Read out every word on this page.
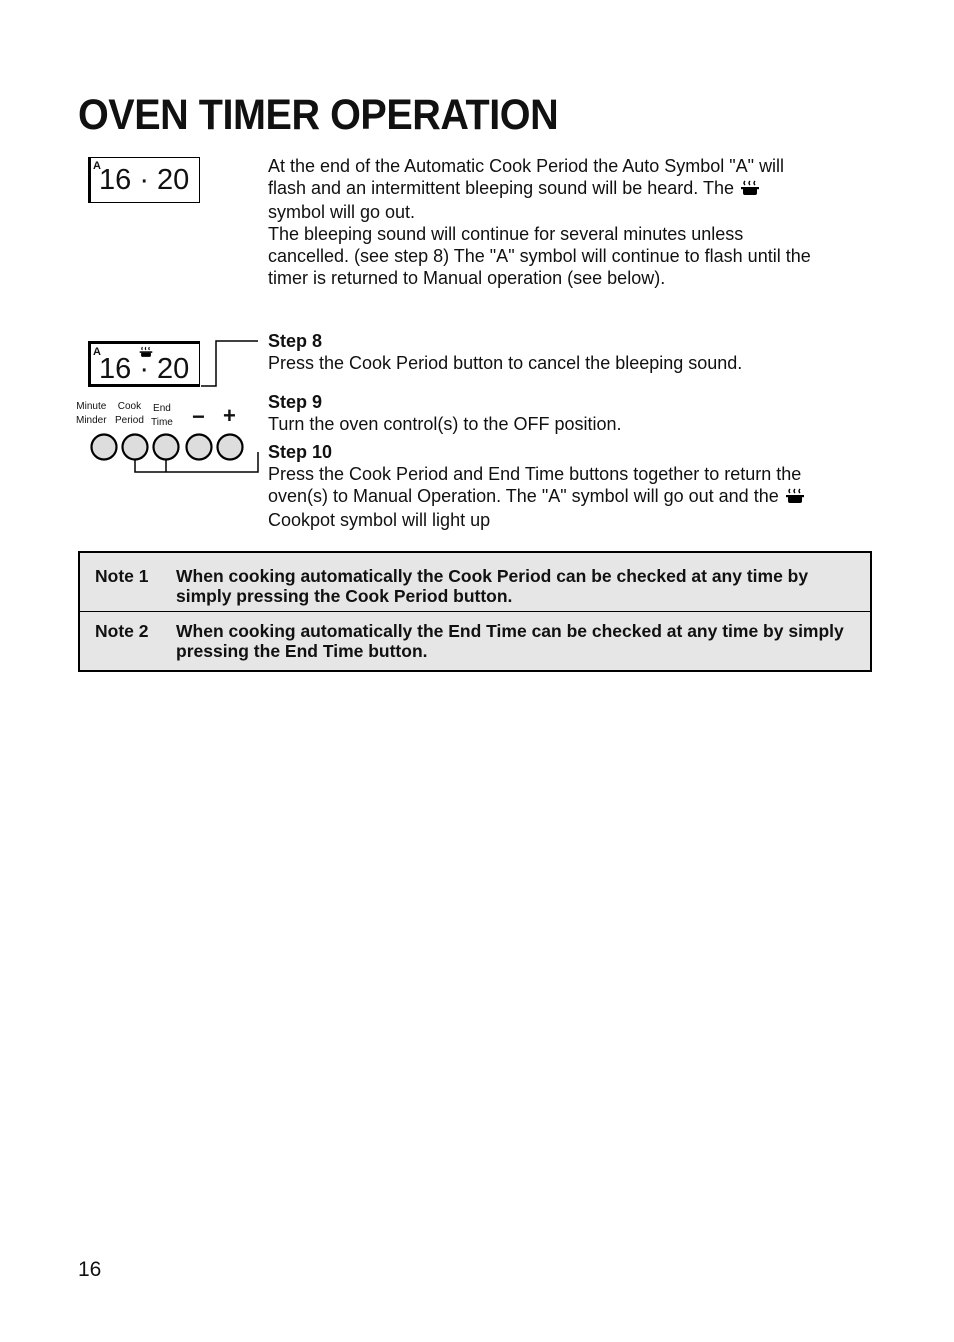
OVEN TIMER OPERATION
A
16 · 20	At the end of the Automatic Cook Period the Auto Symbol "A" will
flash and an intermittent bleeping sound will be heard. The
symbol will go out.
The bleeping sound will continue for several minutes unless
cancelled. (see step 8) The "A" symbol will continue to flash until the
timer is returned to Manual operation (see below).
A
16 · 20
Minute
Minder
Cook
Period
End
Time − +
Step 8
Press the Cook Period button to cancel the bleeping sound.
Step 9
Turn the oven control(s) to the OFF position.
Step 10
Press the Cook Period and End Time buttons together to return the
oven(s) to Manual Operation. The "A" symbol will go out and the
Cookpot symbol will light up
Note 1 When cooking automatically the Cook Period can be checked at any time by simply pressing the Cook Period button.
Note 2 When cooking automatically the End Time can be checked at any time by simply pressing the End Time button.
16
